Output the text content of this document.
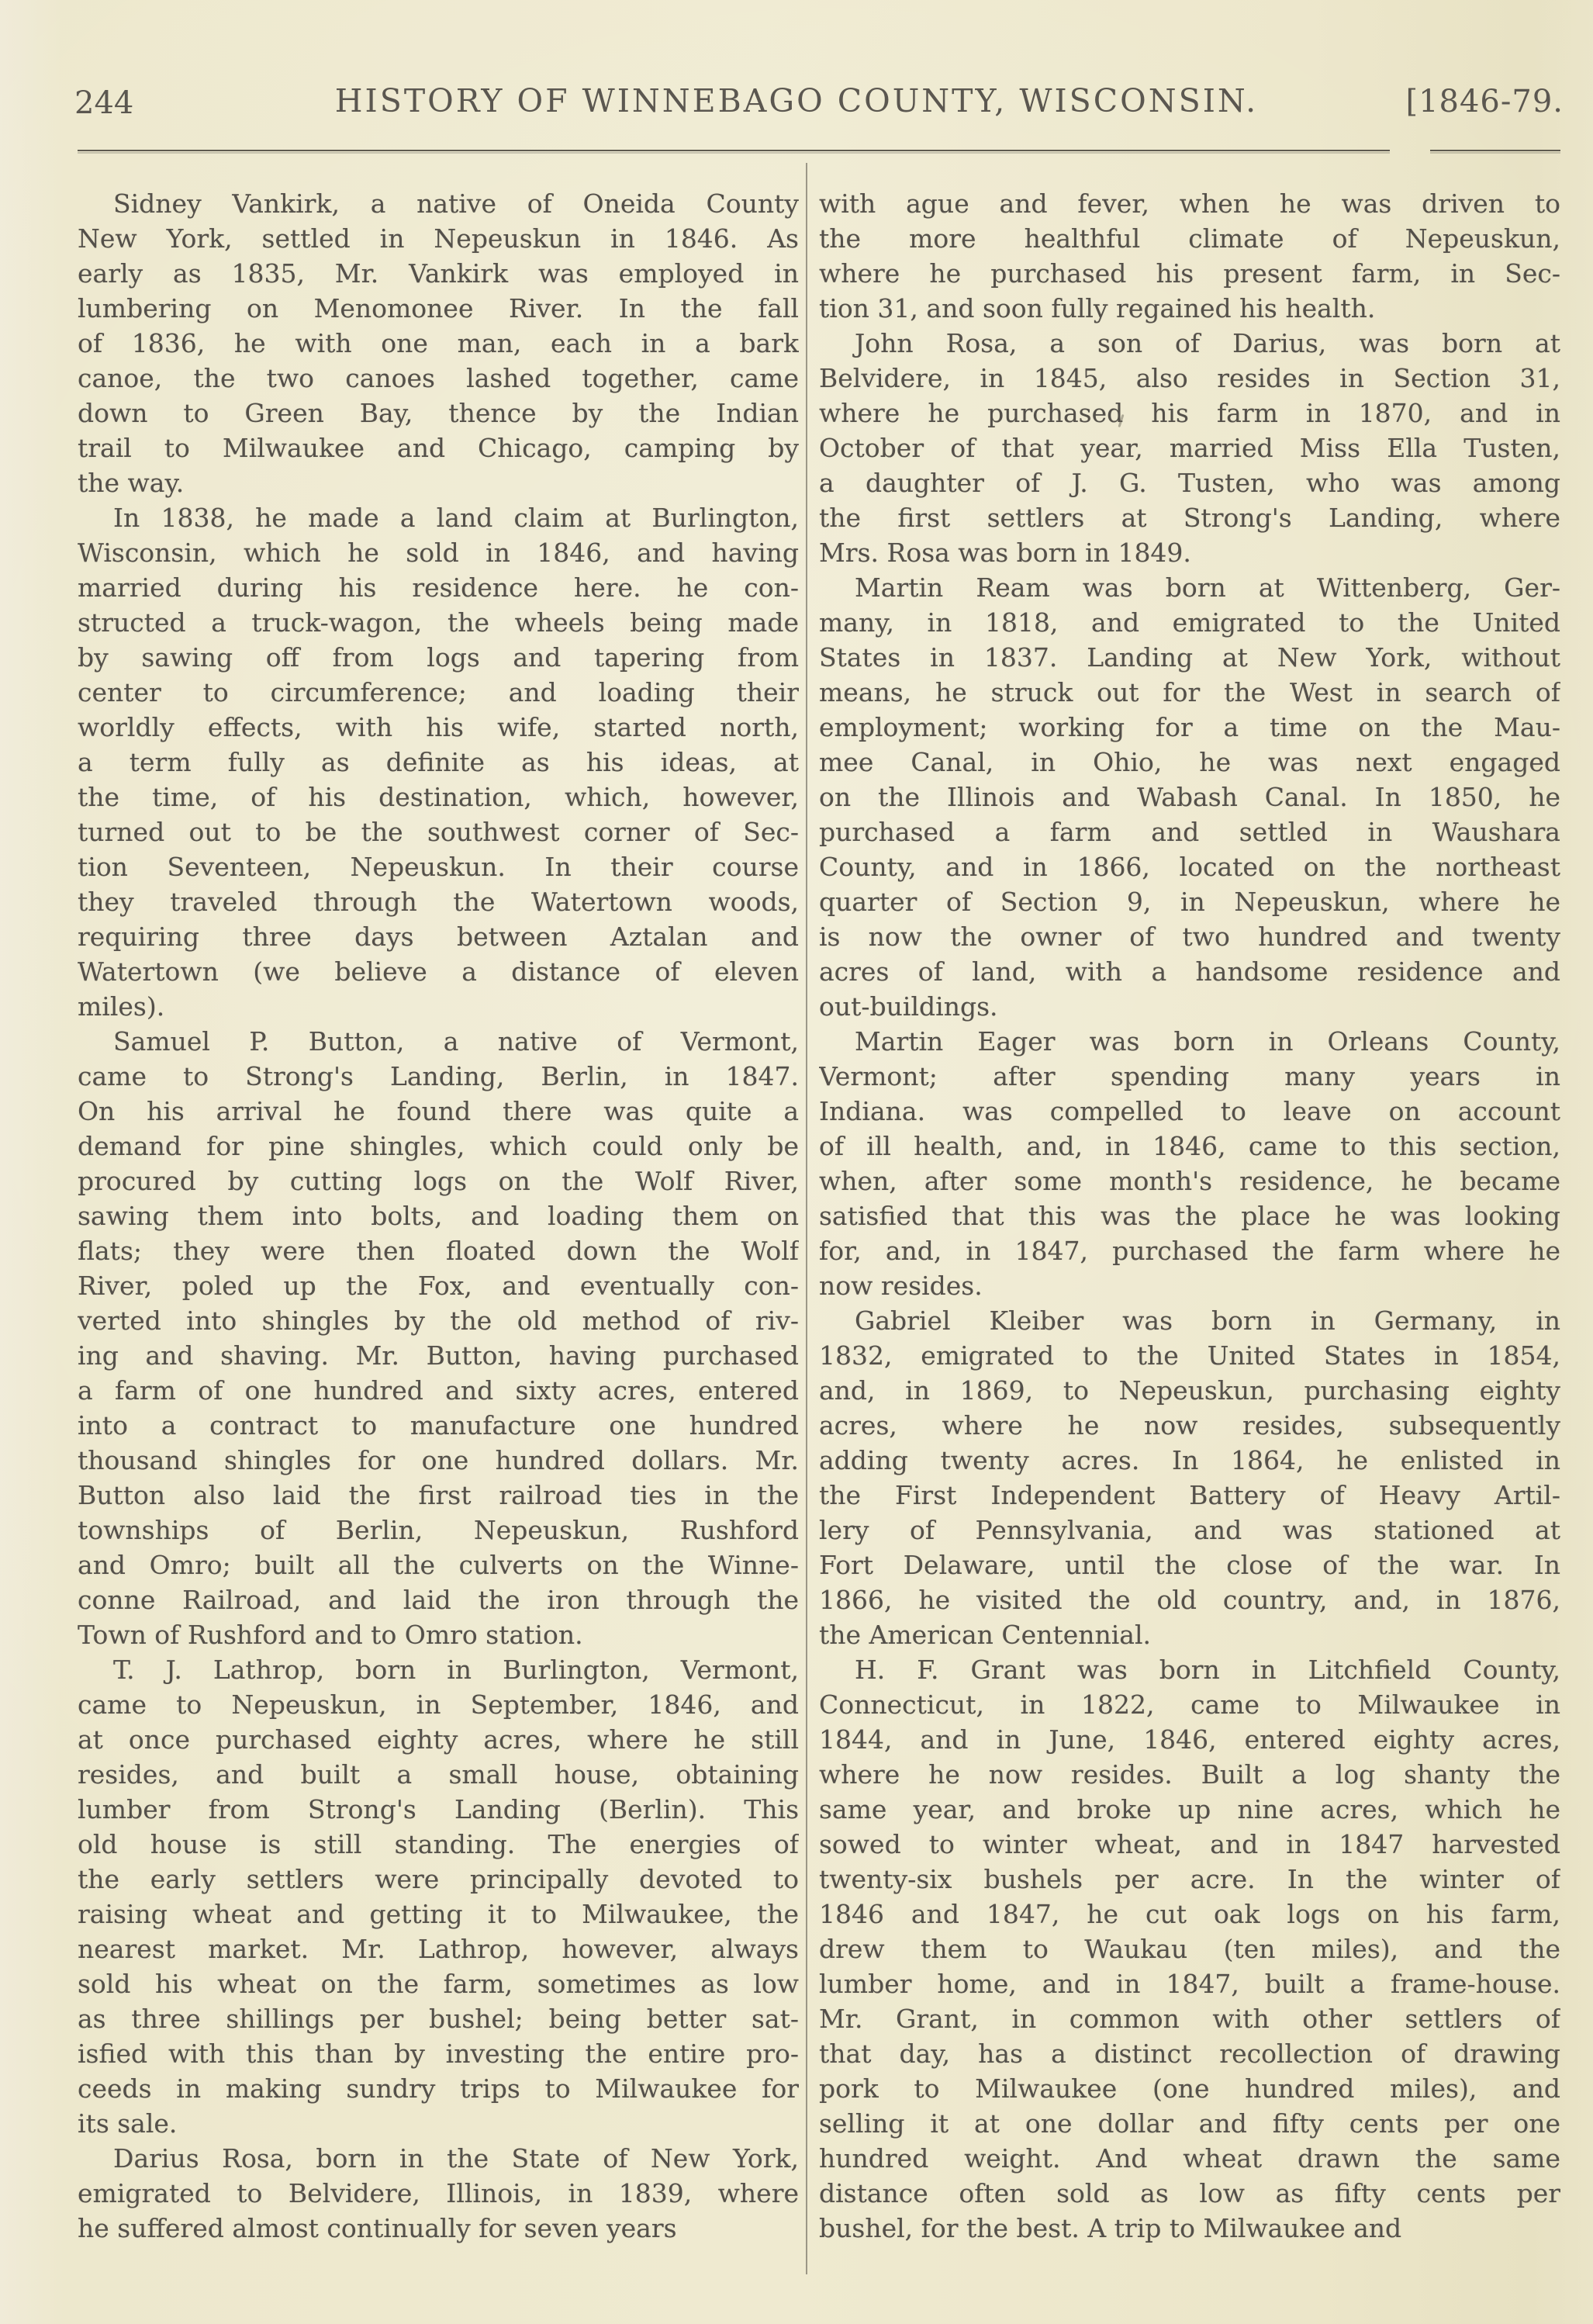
244	HISTORY OF WINNEBAGO COUNTY, WISCONSIN.	[1846-79.
Sidney Vankirk, a native of Oneida County
New York, settled in Nepeuskun in 1846. As
early as 1835, Mr. Vankirk was employed in
lumbering on Menomonee River. In the fall
of 1836, he with one man, each in a bark
canoe, the two canoes lashed together, came
down to Green Bay, thence by the Indian
trail to Milwaukee and Chicago, camping by
the way.
In 1838, he made a land claim at Burlington,
Wisconsin, which he sold in 1846, and having
married during his residence here. he con-
structed a truck-wagon, the wheels being made
by sawing off from logs and tapering from
center to circumference; and loading their
worldly effects, with his wife, started north,
a term fully as definite as his ideas, at
the time, of his destination, which, however,
turned out to be the southwest corner of Sec-
tion Seventeen, Nepeuskun. In their course
they traveled through the Watertown woods,
requiring three days between Aztalan and
Watertown (we believe a distance of eleven
miles).
Samuel P. Button, a native of Vermont,
came to Strong's Landing, Berlin, in 1847.
On his arrival he found there was quite a
demand for pine shingles, which could only be
procured by cutting logs on the Wolf River,
sawing them into bolts, and loading them on
flats; they were then floated down the Wolf
River, poled up the Fox, and eventually con-
verted into shingles by the old method of riv-
ing and shaving. Mr. Button, having purchased
a farm of one hundred and sixty acres, entered
into a contract to manufacture one hundred
thousand shingles for one hundred dollars. Mr.
Button also laid the first railroad ties in the
townships of Berlin, Nepeuskun, Rushford
and Omro; built all the culverts on the Winne-
conne Railroad, and laid the iron through the
Town of Rushford and to Omro station.
T. J. Lathrop, born in Burlington, Vermont,
came to Nepeuskun, in September, 1846, and
at once purchased eighty acres, where he still
resides, and built a small house, obtaining
lumber from Strong's Landing (Berlin). This
old house is still standing. The energies of
the early settlers were principally devoted to
raising wheat and getting it to Milwaukee, the
nearest market. Mr. Lathrop, however, always
sold his wheat on the farm, sometimes as low
as three shillings per bushel; being better sat-
isfied with this than by investing the entire pro-
ceeds in making sundry trips to Milwaukee for
its sale.
Darius Rosa, born in the State of New York,
emigrated to Belvidere, Illinois, in 1839, where
he suffered almost continually for seven years
with ague and fever, when he was driven to
the more healthful climate of Nepeuskun,
where he purchased his present farm, in Sec-
tion 31, and soon fully regained his health.
John Rosa, a son of Darius, was born at
Belvidere, in 1845, also resides in Section 31,
where he purchased his farm in 1870, and in
October of that year, married Miss Ella Tusten,
a daughter of J. G. Tusten, who was among
the first settlers at Strong's Landing, where
Mrs. Rosa was born in 1849.
Martin Ream was born at Wittenberg, Ger-
many, in 1818, and emigrated to the United
States in 1837. Landing at New York, without
means, he struck out for the West in search of
employment; working for a time on the Mau-
mee Canal, in Ohio, he was next engaged
on the Illinois and Wabash Canal. In 1850, he
purchased a farm and settled in Waushara
County, and in 1866, located on the northeast
quarter of Section 9, in Nepeuskun, where he
is now the owner of two hundred and twenty
acres of land, with a handsome residence and
out-buildings.
Martin Eager was born in Orleans County,
Vermont; after spending many years in
Indiana. was compelled to leave on account
of ill health, and, in 1846, came to this section,
when, after some month's residence, he became
satisfied that this was the place he was looking
for, and, in 1847, purchased the farm where he
now resides.
Gabriel Kleiber was born in Germany, in
1832, emigrated to the United States in 1854,
and, in 1869, to Nepeuskun, purchasing eighty
acres, where he now resides, subsequently
adding twenty acres. In 1864, he enlisted in
the First Independent Battery of Heavy Artil-
lery of Pennsylvania, and was stationed at
Fort Delaware, until the close of the war. In
1866, he visited the old country, and, in 1876,
the American Centennial.
H. F. Grant was born in Litchfield County,
Connecticut, in 1822, came to Milwaukee in
1844, and in June, 1846, entered eighty acres,
where he now resides. Built a log shanty the
same year, and broke up nine acres, which he
sowed to winter wheat, and in 1847 harvested
twenty-six bushels per acre. In the winter of
1846 and 1847, he cut oak logs on his farm,
drew them to Waukau (ten miles), and the
lumber home, and in 1847, built a frame-house.
Mr. Grant, in common with other settlers of
that day, has a distinct recollection of drawing
pork to Milwaukee (one hundred miles), and
selling it at one dollar and fifty cents per one
hundred weight. And wheat drawn the same
distance often sold as low as fifty cents per
bushel, for the best. A trip to Milwaukee and
